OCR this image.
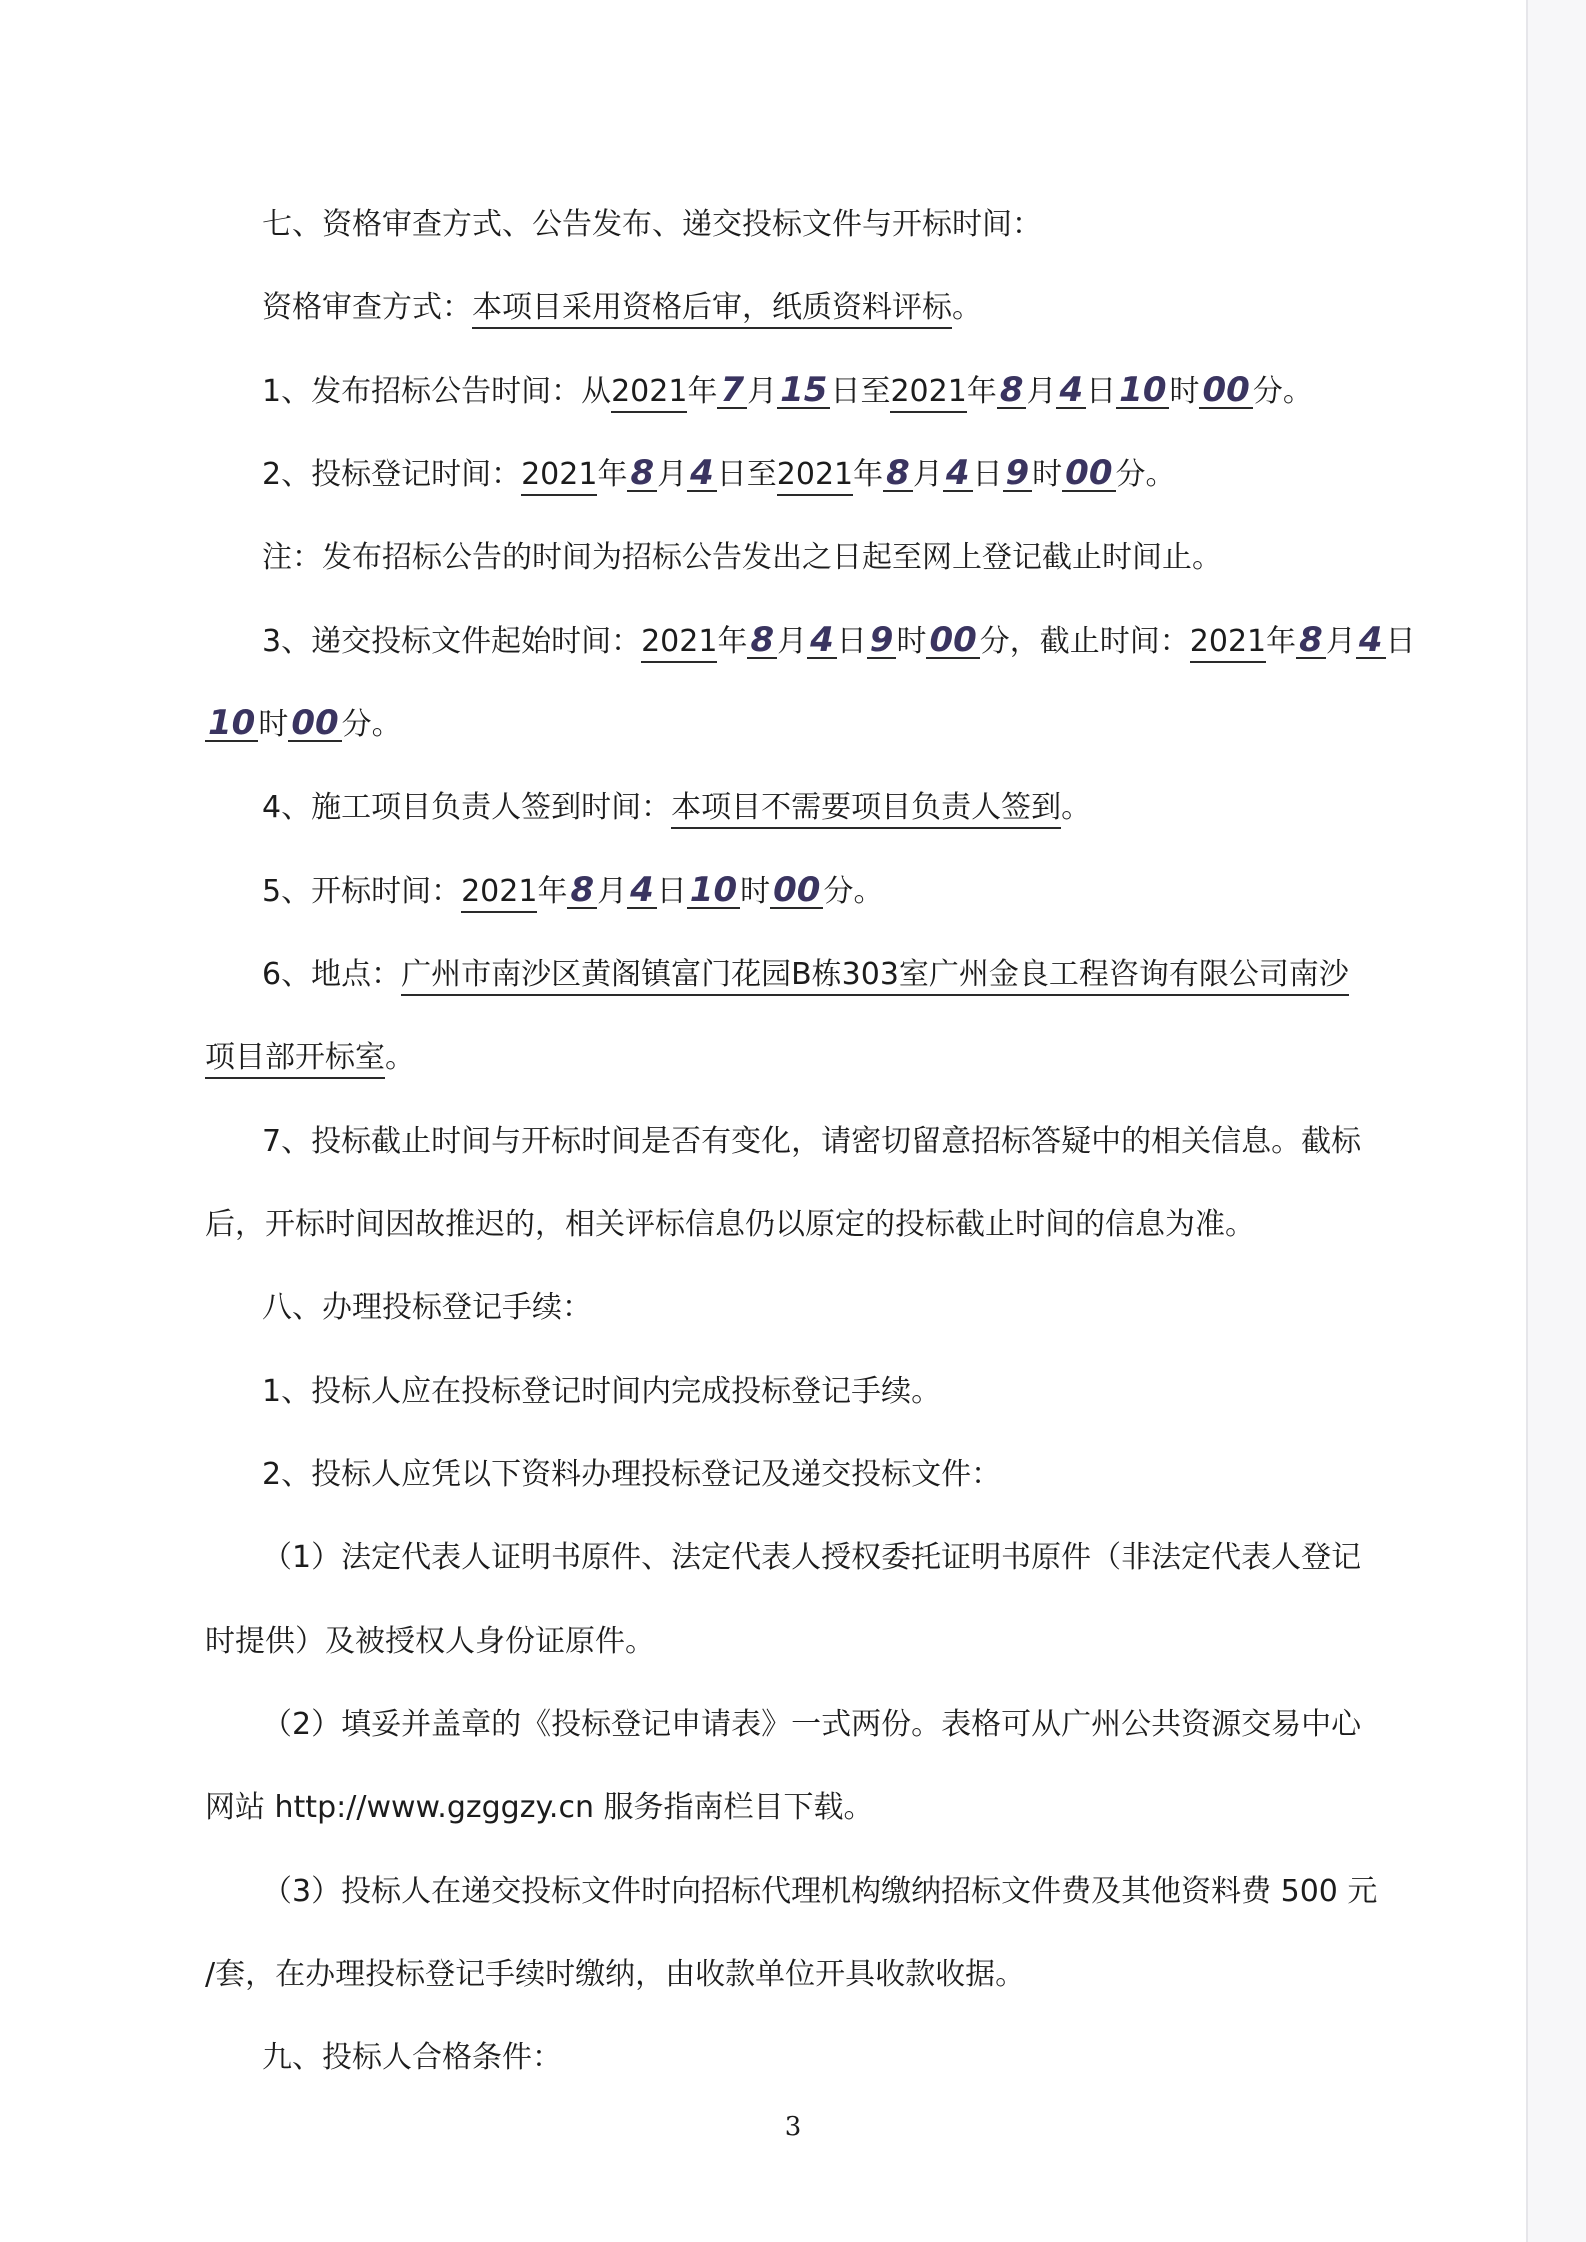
七、资格审查方式、公告发布、递交投标文件与开标时间：
资格审查方式：本项目采用资格后审，纸质资料评标。
1、发布招标公告时间：从2021年7 月15 日至2021年8 月4 日10 时00 分。
2、投标登记时间：2021年8 月4 日至2021年8 月4 日9 时00 分。
注：发布招标公告的时间为招标公告发出之日起至网上登记截止时间止。
3、递交投标文件起始时间：2021年8 月4 日9 时00 分，截止时间：2021年8 月4 日
10 时00 分。
4、施工项目负责人签到时间：本项目不需要项目负责人签到。
5、开标时间：2021年8 月4 日10 时00 分。
6、地点：广州市南沙区黄阁镇富门花园B栋303室广州金良工程咨询有限公司南沙
项目部开标室。
7、投标截止时间与开标时间是否有变化，请密切留意招标答疑中的相关信息。截标
后，开标时间因故推迟的，相关评标信息仍以原定的投标截止时间的信息为准。
八、办理投标登记手续：
1、投标人应在投标登记时间内完成投标登记手续。
2、投标人应凭以下资料办理投标登记及递交投标文件：
（1）法定代表人证明书原件、法定代表人授权委托证明书原件（非法定代表人登记
时提供）及被授权人身份证原件。
（2）填妥并盖章的《投标登记申请表》一式两份。表格可从广州公共资源交易中心
网站 http://www.gzggzy.cn 服务指南栏目下载。
（3）投标人在递交投标文件时向招标代理机构缴纳招标文件费及其他资料费 500 元
/套，在办理投标登记手续时缴纳，由收款单位开具收款收据。
九、投标人合格条件：
3
